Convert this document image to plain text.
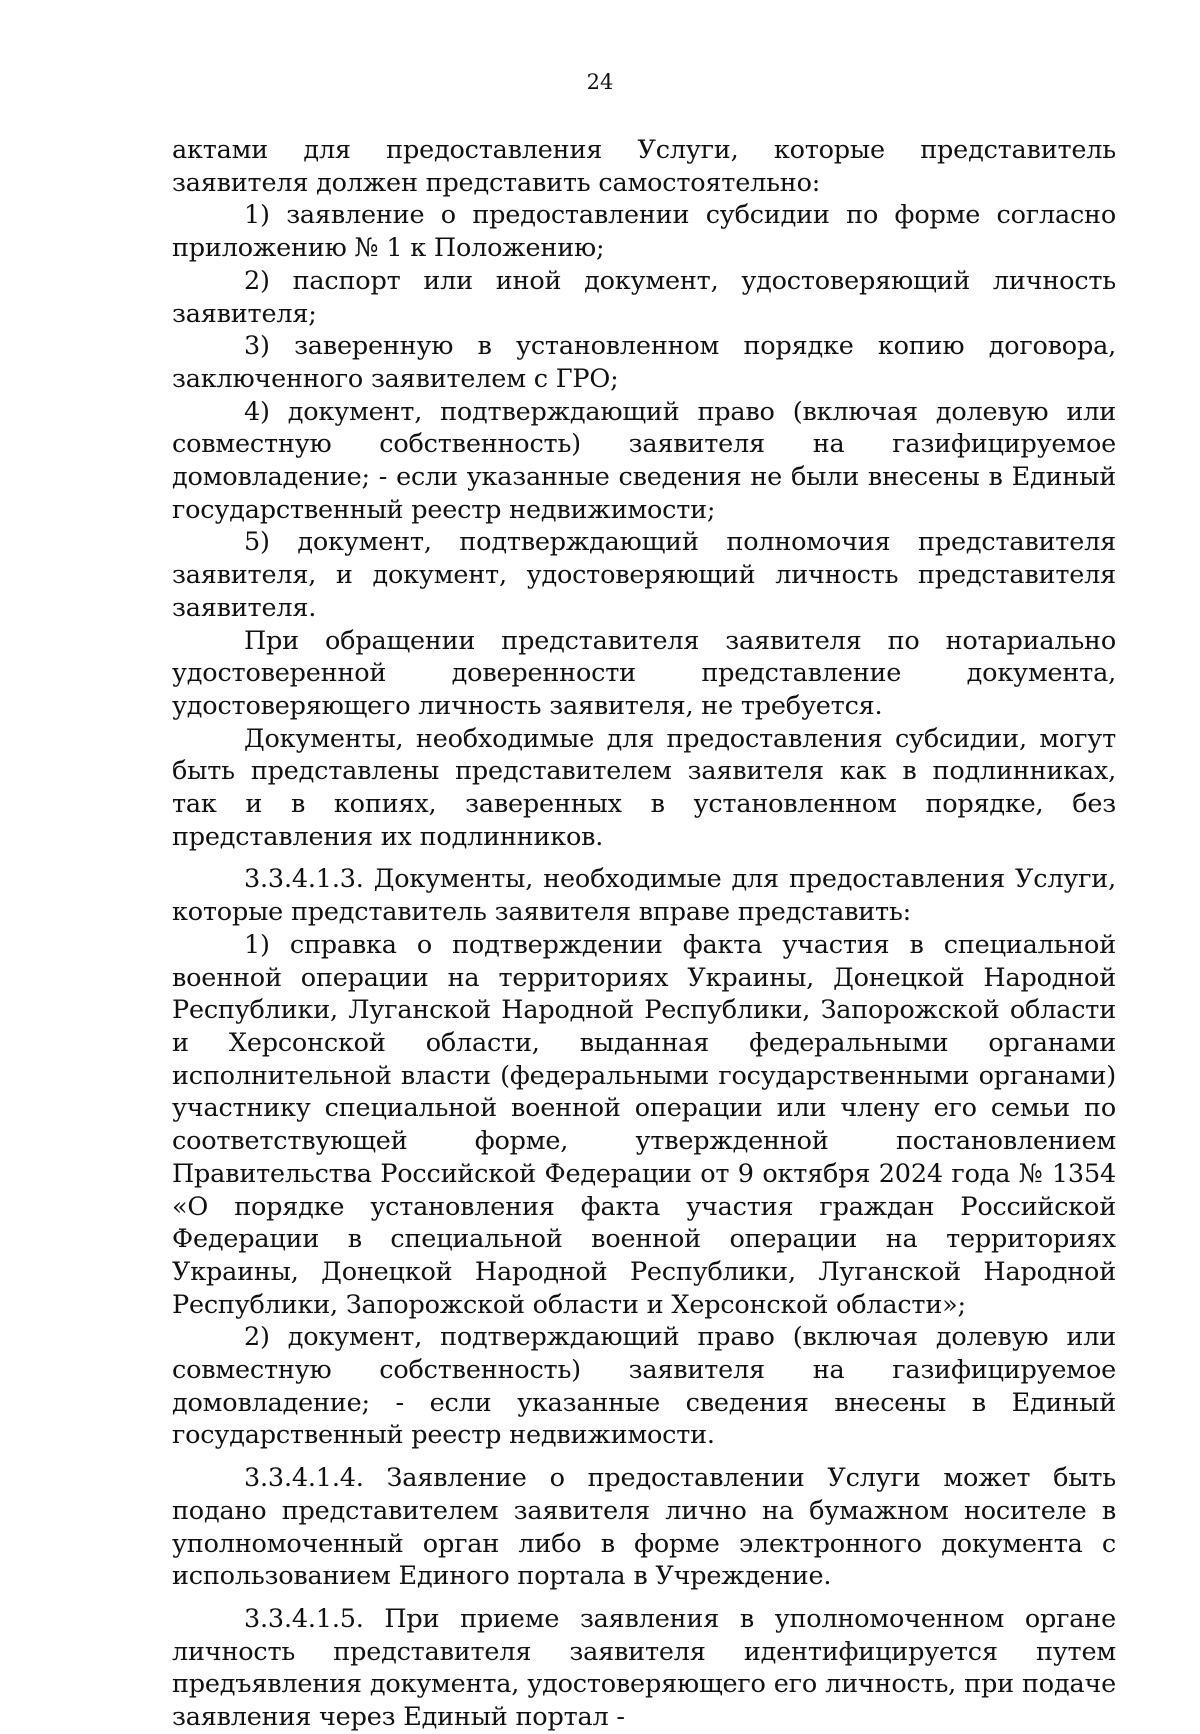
24

актами для предоставления Услуги, которые представитель заявителя должен представить самостоятельно:

1) заявление о предоставлении субсидии по форме согласно приложению № 1 к Положению;

2) паспорт или иной документ, удостоверяющий личность заявителя;

3) заверенную в установленном порядке копию договора, заключенного заявителем с ГРО;

4) документ, подтверждающий право (включая долевую или совместную собственность) заявителя на газифицируемое домовладение; - если указанные сведения не были внесены в Единый государственный реестр недвижимости;

5) документ, подтверждающий полномочия представителя заявителя, и документ, удостоверяющий личность представителя заявителя.

При обращении представителя заявителя по нотариально удостоверенной доверенности представление документа, удостоверяющего личность заявителя, не требуется.

Документы, необходимые для предоставления субсидии, могут быть представлены представителем заявителя как в подлинниках, так и в копиях, заверенных в установленном порядке, без представления их подлинников.

3.3.4.1.3. Документы, необходимые для предоставления Услуги, которые представитель заявителя вправе представить:

1) справка о подтверждении факта участия в специальной военной операции на территориях Украины, Донецкой Народной Республики, Луганской Народной Республики, Запорожской области и Херсонской области, выданная федеральными органами исполнительной власти (федеральными государственными органами) участнику специальной военной операции или члену его семьи по соответствующей форме, утвержденной постановлением Правительства Российской Федерации от 9 октября 2024 года № 1354 «О порядке установления факта участия граждан Российской Федерации в специальной военной операции на территориях Украины, Донецкой Народной Республики, Луганской Народной Республики, Запорожской области и Херсонской области»;

2) документ, подтверждающий право (включая долевую или совместную собственность) заявителя на газифицируемое домовладение; - если указанные сведения внесены в Единый государственный реестр недвижимости.

3.3.4.1.4. Заявление о предоставлении Услуги может быть подано представителем заявителя лично на бумажном носителе в уполномоченный орган либо в форме электронного документа с использованием Единого портала в Учреждение.

3.3.4.1.5. При приеме заявления в уполномоченном органе личность представителя заявителя идентифицируется путем предъявления документа, удостоверяющего его личность, при подаче заявления через Единый портал -
